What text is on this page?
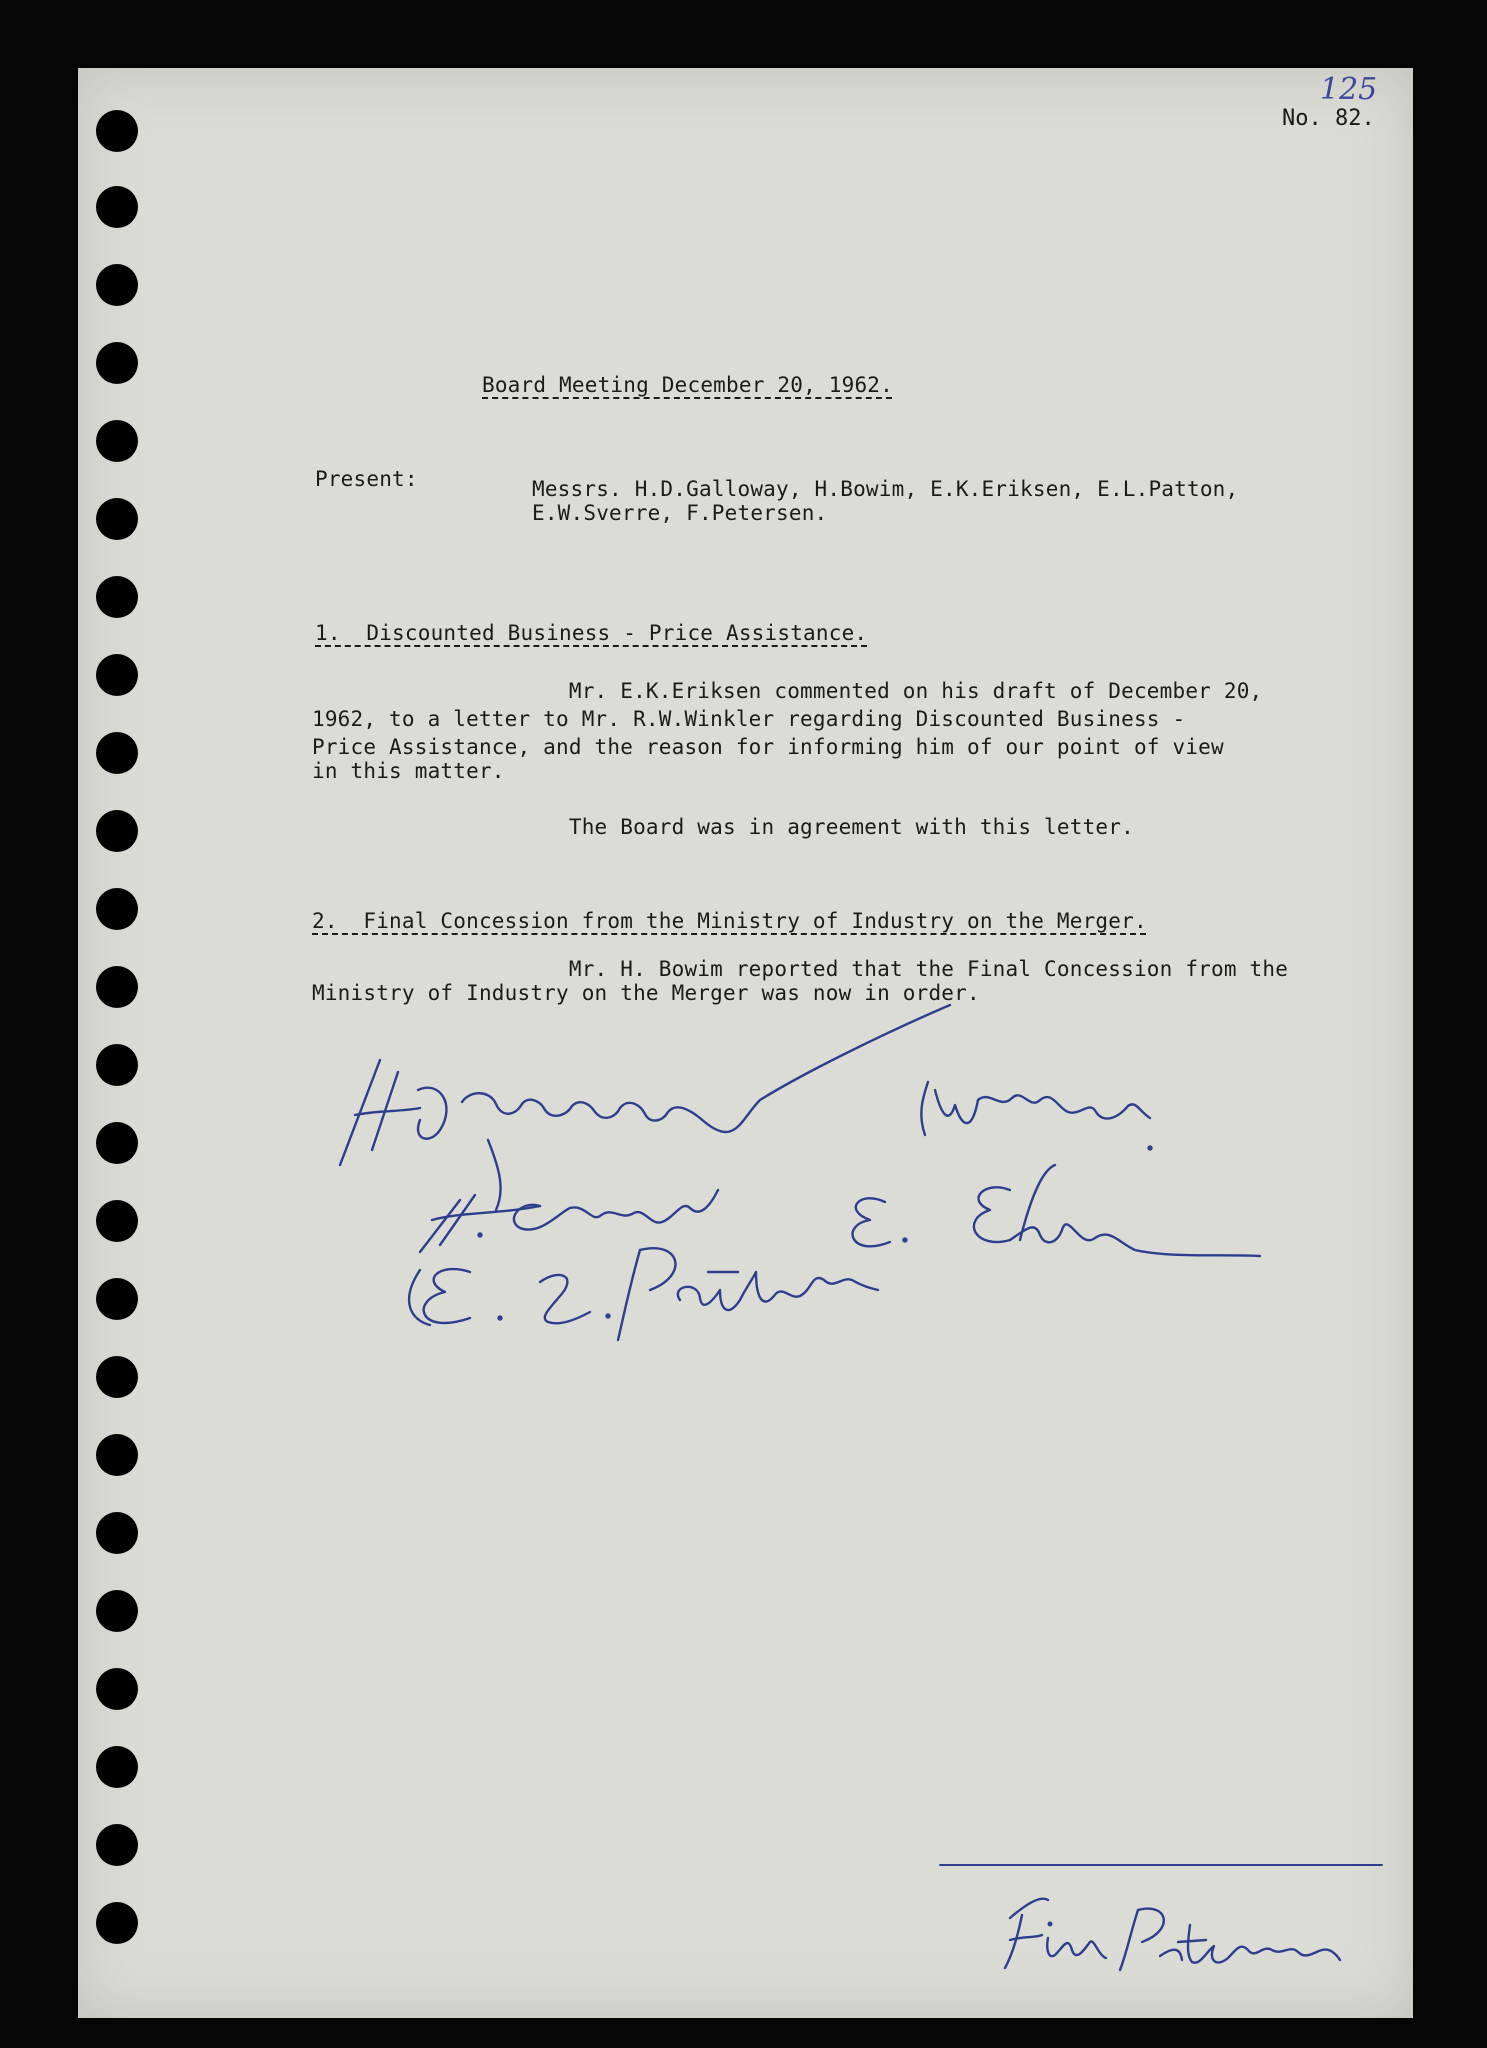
125
No. 82.
Board Meeting December 20, 1962.
Present:	Messrs. H.D.Galloway, H.Bowim, E.K.Eriksen, E.L.Patton,
E.W.Sverre, F.Petersen.
1.  Discounted Business - Price Assistance.
Mr. E.K.Eriksen commented on his draft of December 20,
1962, to a letter to Mr. R.W.Winkler regarding Discounted Business -
Price Assistance, and the reason for informing him of our point of view
in this matter.
The Board was in agreement with this letter.
2.  Final Concession from the Ministry of Industry on the Merger.
Mr. H. Bowim reported that the Final Concession from the
Ministry of Industry on the Merger was now in order.
